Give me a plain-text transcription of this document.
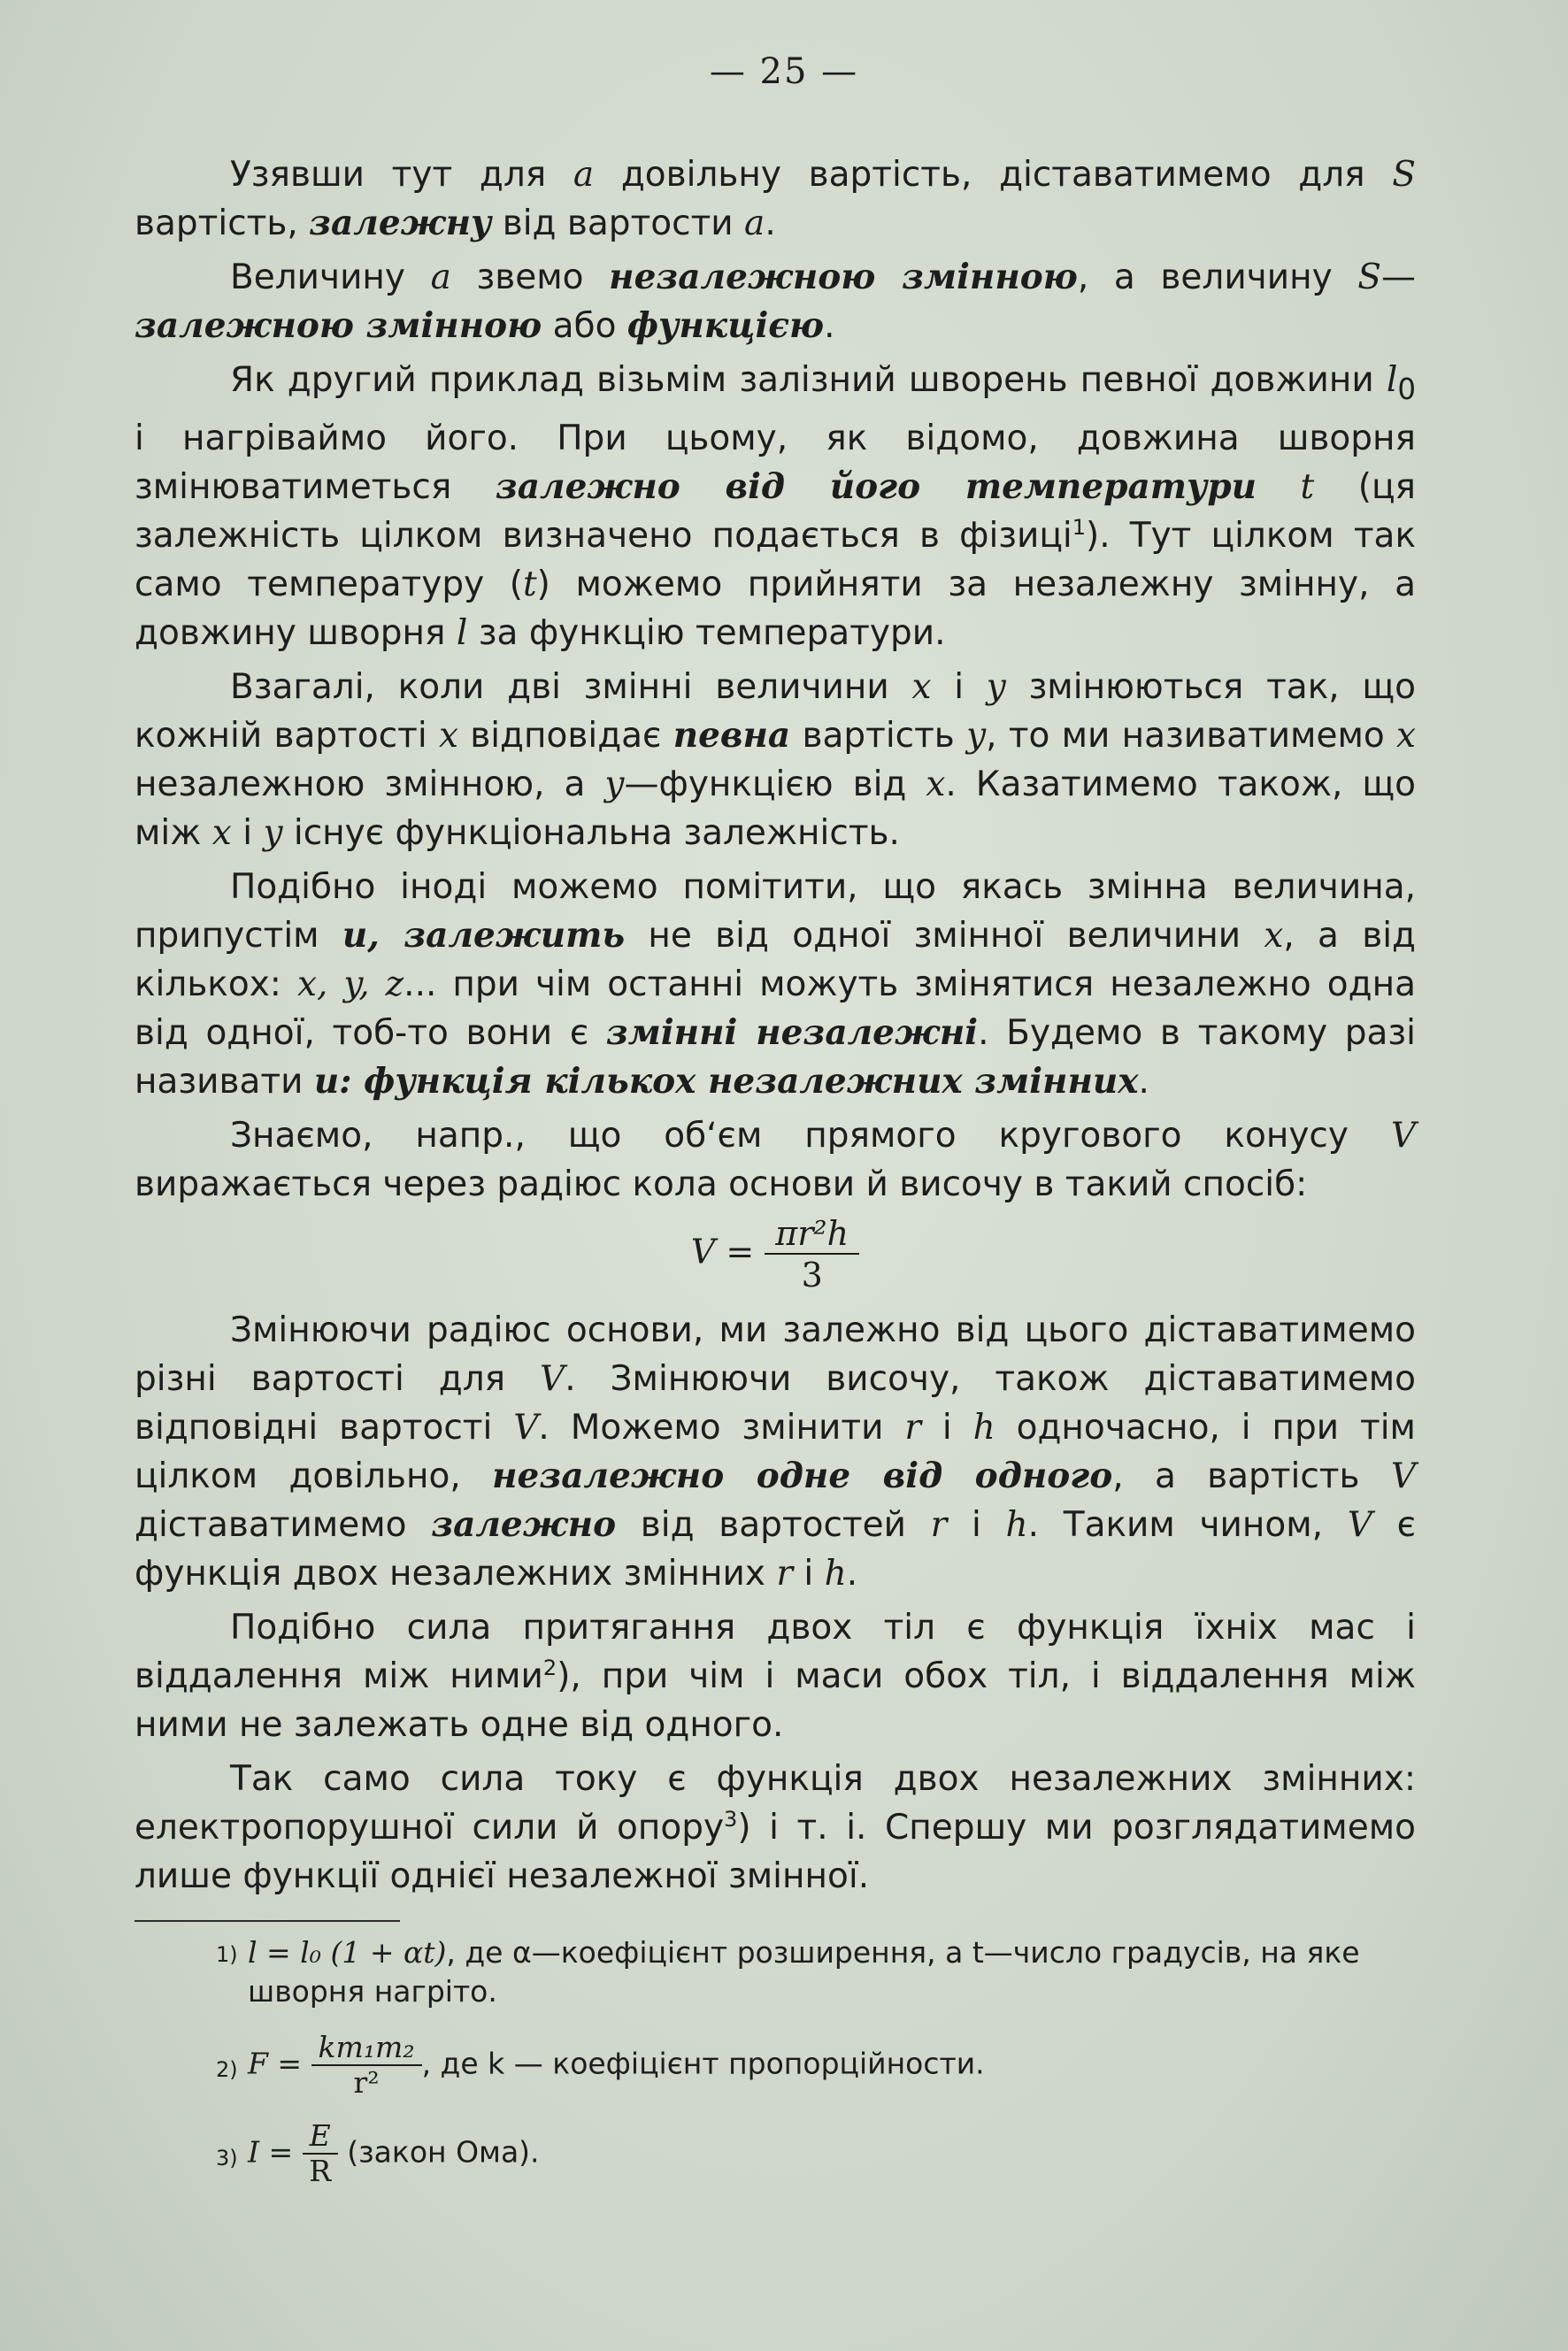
— 25 —

Узявши тут для a довільну вартість, діставатимемо для S вартість, залежну від вартости a.

Величину a звемо незалежною змінною, а величину S—залежною змінною або функцією.

Як другий приклад візьмім залізний шворень певної довжини $l_0$ і нагріваймо його. При цьому, як відомо, довжина шворня змінюватиметься залежно від його температури t (ця залежність цілком визначено подається в фізиці$^1$). Тут цілком так само температуру (t) можемо прийняти за незалежну змінну, а довжину шворня l за функцію температури.

Взагалі, коли дві змінні величини x і y змінюються так, що кожній вартості x відповідає певна вартість y, то ми називатимемо x незалежною змінною, а y—функцією від x. Казатимемо також, що між x і y існує функціональна залежність.

Подібно іноді можемо помітити, що якась змінна величина, припустім u, залежить не від одної змінної величини x, а від кількох: x, y, z... при чім останні можуть змінятися незалежно одна від одної, тоб-то вони є змінні незалежні. Будемо в такому разі називати u: функція кількох незалежних змінних.

Знаємо, напр., що об‘єм прямого кругового конусу V виражається через радіюс кола основи й височу в такий спосіб:

$V = \frac{\text{πr²h}}{3}$

Змінюючи радіюс основи, ми залежно від цього діставатимемо різні вартості для V. Змінюючи височу, також діставатимемо відповідні вартості V. Можемо змінити r і h одночасно, і при тім цілком довільно, незалежно одне від одного, а вартість V діставатимемо залежно від вартостей r і h. Таким чином, V є функція двох незалежних змінних r і h.

Подібно сила притягання двох тіл є функція їхніх мас і віддалення між ними$^2$), при чім і маси обох тіл, і віддалення між ними не залежать одне від одного.

Так само сила току є функція двох незалежних змінних: електропорушної сили й опору$^3$) і т. і. Спершу ми розглядатимемо лише функції однієї незалежної змінної.

1) l = l₀ (1 + αt), де α—коефіцієнт розширення, а t—число градусів, на яке шворня нагріто.
2) $F = \frac{\text{km₁m₂}}{\text{r²}}$ , де k — коефіцієнт пропорційности.
3) $I = \frac{E}{R}$ (закон Ома).
